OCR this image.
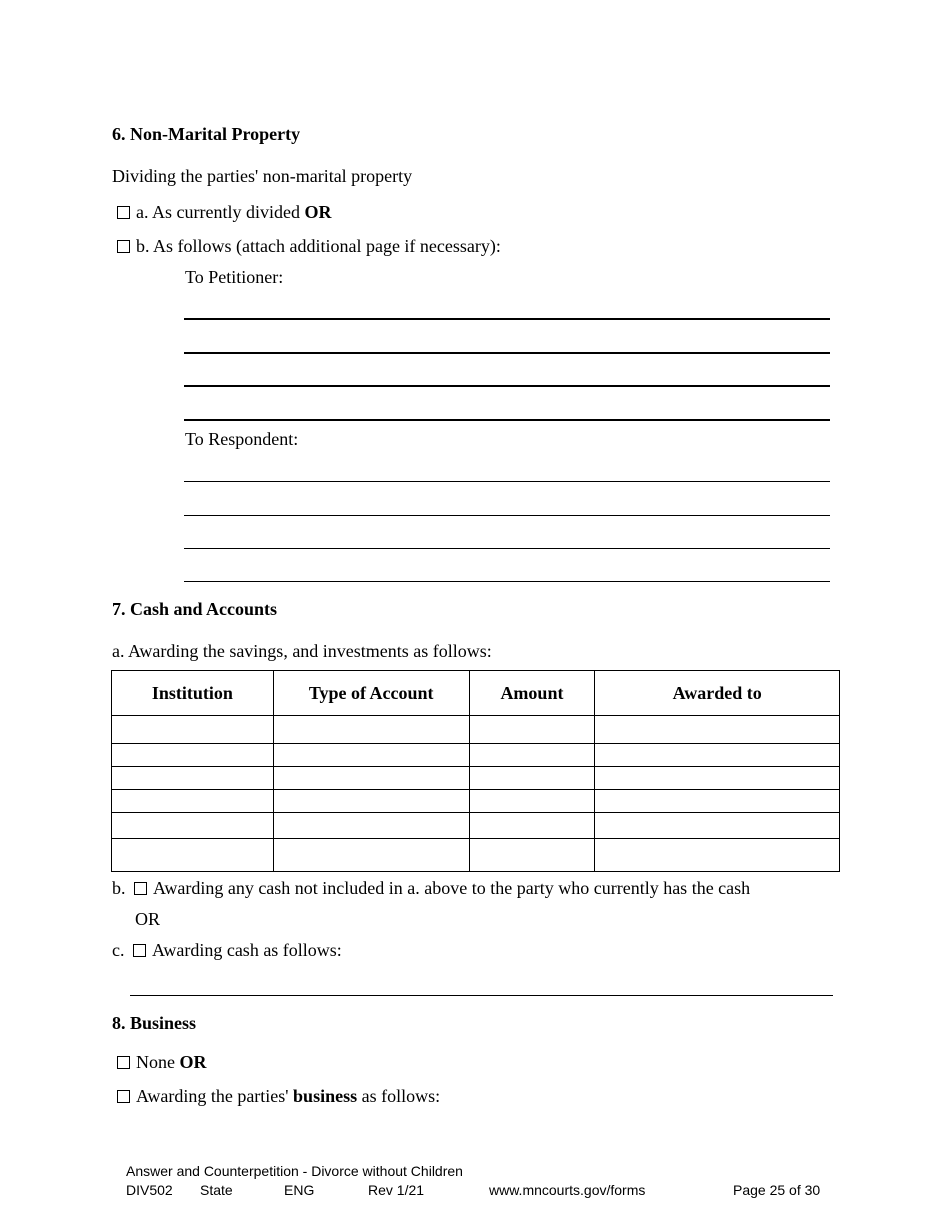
6. Non-Marital Property
Dividing the parties' non-marital property
a. As currently divided OR
b. As follows (attach additional page if necessary):
To Petitioner:
To Respondent:
7. Cash and Accounts
a. Awarding the savings, and investments as follows:
Institution	Type of Account	Amount	Awarded to

b. Awarding any cash not included in a. above to the party who currently has the cash
OR
c. Awarding cash as follows:
8. Business
None OR
Awarding the parties' business as follows:
Answer and Counterpetition - Divorce without Children
DIV502 State	ENG	Rev 1/21	www.mncourts.gov/forms	Page 25 of 30
